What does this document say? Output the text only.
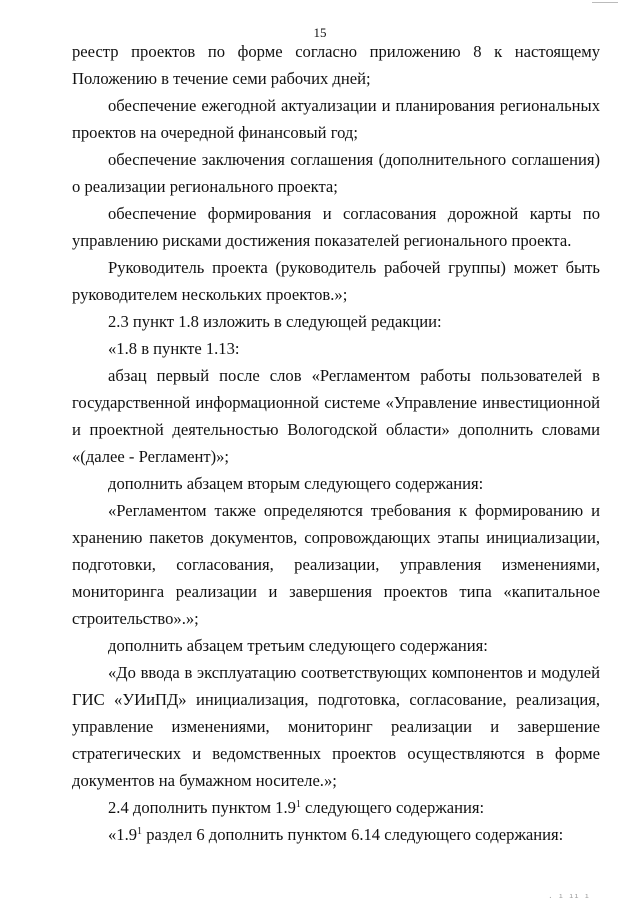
15

реестр проектов по форме согласно приложению 8 к настоящему Положению в течение семи рабочих дней;

обеспечение ежегодной актуализации и планирования региональных проектов на очередной финансовый год;

обеспечение заключения соглашения (дополнительного соглашения) о реализации регионального проекта;

обеспечение формирования и согласования дорожной карты по управлению рисками достижения показателей регионального проекта.

Руководитель проекта (руководитель рабочей группы) может быть руководителем нескольких проектов.»;

2.3 пункт 1.8 изложить в следующей редакции:

«1.8 в пункте 1.13:

абзац первый после слов «Регламентом работы пользователей в государственной информационной системе «Управление инвестиционной и проектной деятельностью Вологодской области» дополнить словами «(далее - Регламент)»;

дополнить абзацем вторым следующего содержания:

«Регламентом также определяются требования к формированию и хранению пакетов документов, сопровождающих этапы инициализации, подготовки, согласования, реализации, управления изменениями, мониторинга реализации и завершения проектов типа «капитальное строительство».»;

дополнить абзацем третьим следующего содержания:

«До ввода в эксплуатацию соответствующих компонентов и модулей ГИС «УИиПД» инициализация, подготовка, согласование, реализация, управление изменениями, мониторинг реализации и завершение стратегических и ведомственных проектов осуществляются в форме документов на бумажном носителе.»;

2.4 дополнить пунктом $1.9^1$ следующего содержания:

«$1.9^1$ раздел 6 дополнить пунктом 6.14 следующего содержания:

. ı ıı ı
